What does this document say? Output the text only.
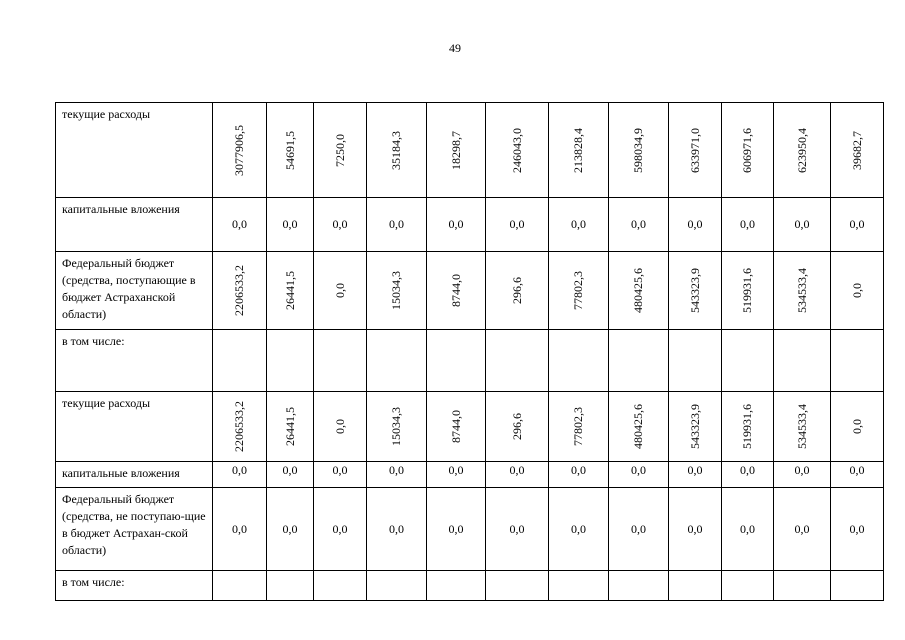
49
текущие расходы	3077906,5	54691,5	7250,0	35184,3	18298,7	246043,0	213828,4	598034,9	633971,0	606971,6	623950,4	39682,7
капитальные вложения	0,0	0,0	0,0	0,0	0,0	0,0	0,0	0,0	0,0	0,0	0,0	0,0
Федеральный бюджет (средства, поступающие в бюджет Астраханской области)	2206533,2	26441,5	0,0	15034,3	8744,0	296,6	77802,3	480425,6	543323,9	519931,6	534533,4	0,0
в том числе:												
текущие расходы	2206533,2	26441,5	0,0	15034,3	8744,0	296,6	77802,3	480425,6	543323,9	519931,6	534533,4	0,0
капитальные вложения	0,0	0,0	0,0	0,0	0,0	0,0	0,0	0,0	0,0	0,0	0,0	0,0
Федеральный бюджет (средства, не поступаю-щие в бюджет Астрахан-ской области)	0,0	0,0	0,0	0,0	0,0	0,0	0,0	0,0	0,0	0,0	0,0	0,0
в том числе:												
